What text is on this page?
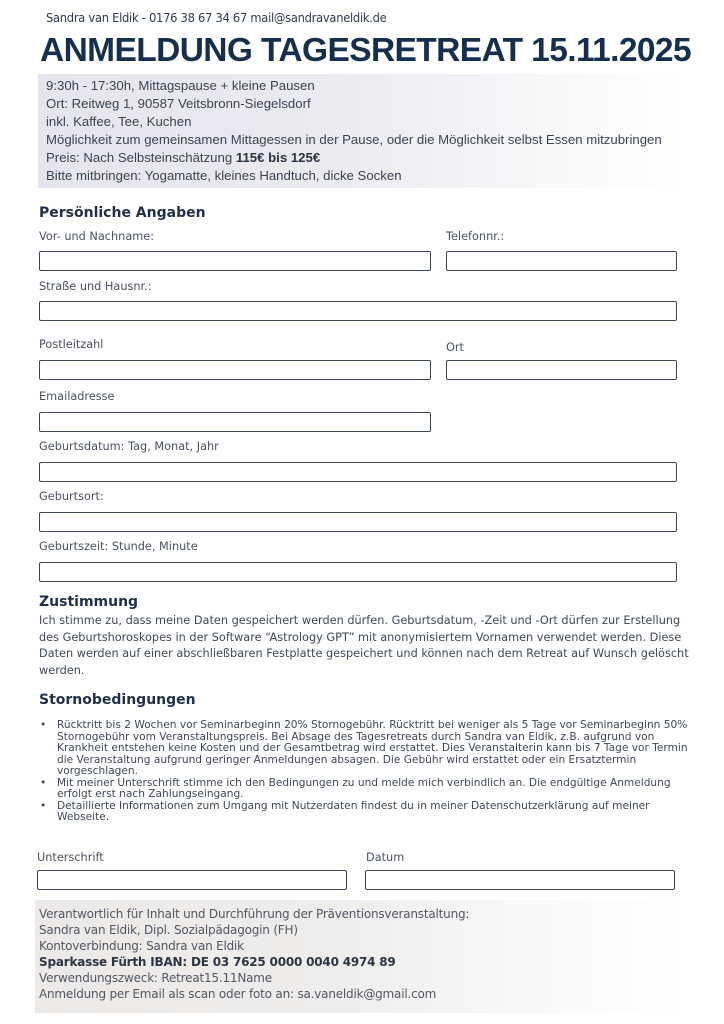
Sandra van Eldik - 0176 38 67 34 67 mail@sandravaneldik.de
ANMELDUNG TAGESRETREAT 15.11.2025
9:30h - 17:30h, Mittagspause + kleine Pausen
Ort: Reitweg 1, 90587 Veitsbronn-Siegelsdorf
inkl. Kaffee, Tee, Kuchen
Möglichkeit zum gemeinsamen Mittagessen in der Pause, oder die Möglichkeit selbst Essen mitzubringen
Preis: Nach Selbsteinschätzung 115€ bis 125€
Bitte mitbringen: Yogamatte, kleines Handtuch, dicke Socken
Persönliche Angaben
Vor- und Nachname:	Telefonnr.:
Straße und Hausnr.:
Postleitzahl	Ort
Emailadresse
Geburtsdatum: Tag, Monat, Jahr
Geburtsort:
Geburtszeit: Stunde, Minute
Zustimmung

Ich stimme zu, dass meine Daten gespeichert werden dürfen. Geburtsdatum, -Zeit und -Ort dürfen zur Erstellung des Geburtshoroskopes in der Software “Astrology GPT” mit anonymisiertem Vornamen verwendet werden. Diese Daten werden auf einer abschließbaren Festplatte gespeichert und können nach dem Retreat auf Wunsch gelöscht werden.

Stornobedingungen
• Rücktritt bis 2 Wochen vor Seminarbeginn 20% Stornogebühr. Rücktritt bei weniger als 5 Tage vor Seminarbeginn 50% Stornogebühr vom Veranstaltungspreis. Bei Absage des Tagesretreats durch Sandra van Eldik, z.B. aufgrund von Krankheit entstehen keine Kosten und der Gesamtbetrag wird erstattet. Dies Veranstalterin kann bis 7 Tage vor Termin die Veranstaltung aufgrund geringer Anmeldungen absagen. Die Gebühr wird erstattet oder ein Ersatztermin vorgeschlagen.
• Mit meiner Unterschrift stimme ich den Bedingungen zu und melde mich verbindlich an. Die endgültige Anmeldung erfolgt erst nach Zahlungseingang.
• Detaillierte Informationen zum Umgang mit Nutzerdaten findest du in meiner Datenschutzerklärung auf meiner Webseite.
Unterschrift	Datum
Verantwortlich für Inhalt und Durchführung der Präventionsveranstaltung:
Sandra van Eldik, Dipl. Sozialpädagogin (FH)
Kontoverbindung: Sandra van Eldik
Sparkasse Fürth IBAN: DE 03 7625 0000 0040 4974 89
Verwendungszweck: Retreat15.11Name
Anmeldung per Email als scan oder foto an: sa.vaneldik@gmail.com
